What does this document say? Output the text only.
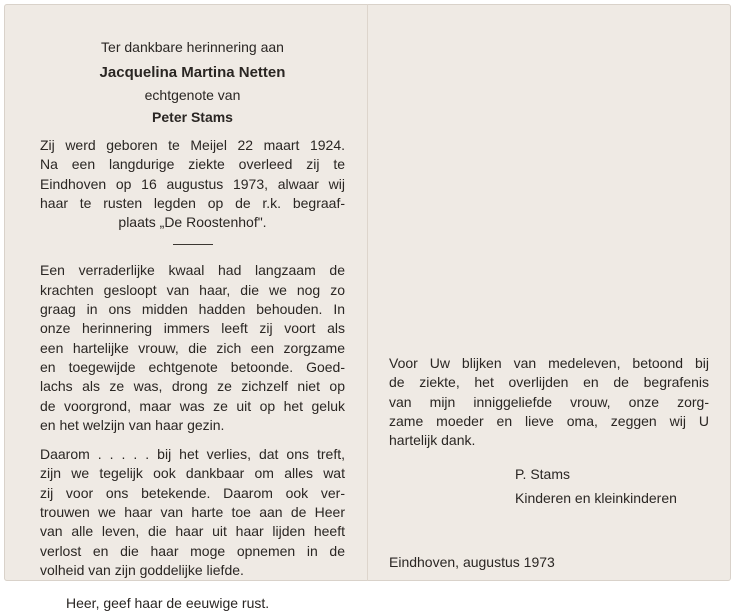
Ter dankbare herinnering aan

Jacquelina Martina Netten

echtgenote van

Peter Stams

Zij werd geboren te Meijel 22 maart 1924.
Na een langdurige ziekte overleed zij te
Eindhoven op 16 augustus 1973, alwaar wij
haar te rusten legden op de r.k. begraaf-
plaats „De Roostenhof".
Een verraderlijke kwaal had langzaam de
krachten gesloopt van haar, die we nog zo
graag in ons midden hadden behouden. In
onze herinnering immers leeft zij voort als
een hartelijke vrouw, die zich een zorgzame
en toegewijde echtgenote betoonde. Goed-
lachs als ze was, drong ze zichzelf niet op
de voorgrond, maar was ze uit op het geluk
en het welzijn van haar gezin.
Daarom . . . . . bij het verlies, dat ons treft,
zijn we tegelijk ook dankbaar om alles wat
zij voor ons betekende. Daarom ook ver-
trouwen we haar van harte toe aan de Heer
van alle leven, die haar uit haar lijden heeft
verlost en die haar moge opnemen in de
volheid van zijn goddelijke liefde.

Heer, geef haar de eeuwige rust.

Voor Uw blijken van medeleven, betoond bij
de ziekte, het overlijden en de begrafenis
van mijn inniggeliefde vrouw, onze zorg-
zame moeder en lieve oma, zeggen wij U
hartelijk dank.
P. Stams
Kinderen en kleinkinderen
Eindhoven, augustus 1973
